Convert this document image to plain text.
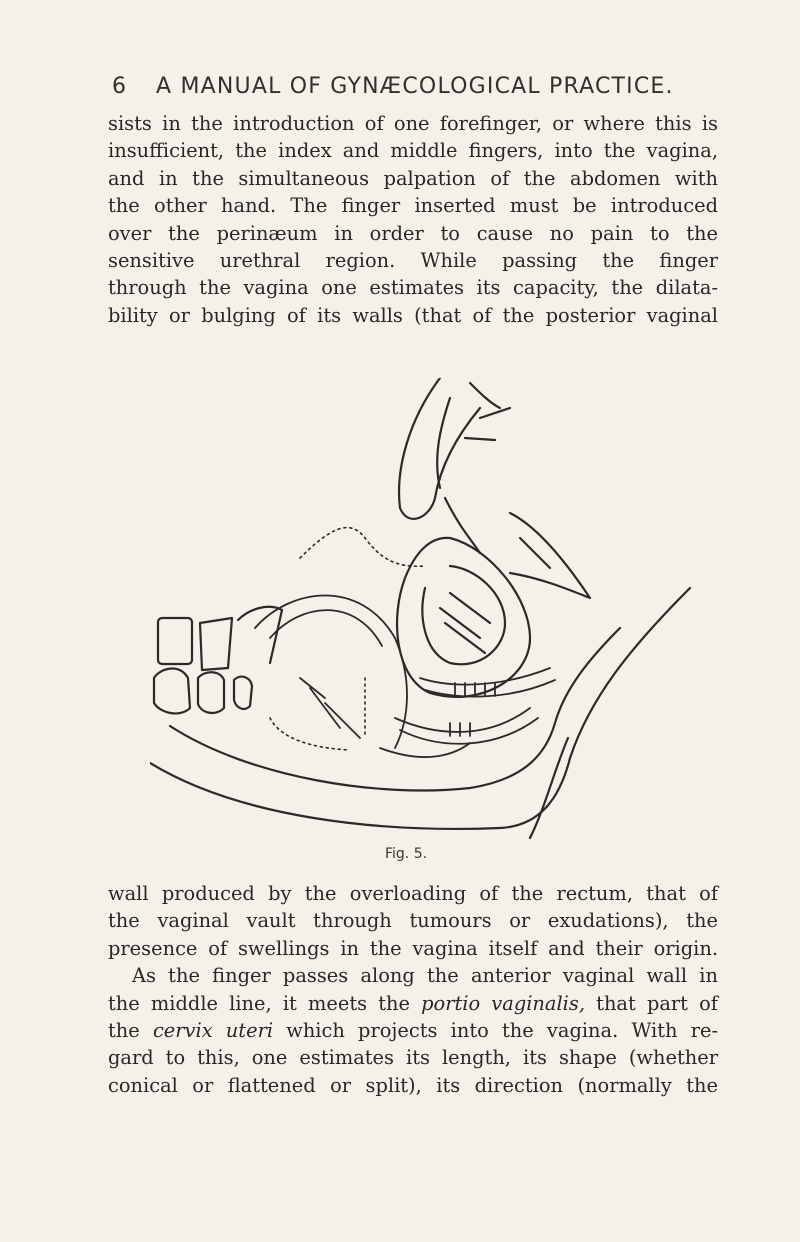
6 A MANUAL OF GYNÆCOLOGICAL PRACTICE.
sists in the introduction of one forefinger, or where this is
insufficient, the index and middle fingers, into the vagina,
and in the simultaneous palpation of the abdomen with
the other hand. The finger inserted must be introduced
over the perinæum in order to cause no pain to the
sensitive urethral region. While passing the finger
through the vagina one estimates its capacity, the dilata-
bility or bulging of its walls (that of the posterior vaginal
Fig. 5.
wall produced by the overloading of the rectum, that of
the vaginal vault through tumours or exudations), the
presence of swellings in the vagina itself and their origin.
As the finger passes along the anterior vaginal wall in
the middle line, it meets the portio vaginalis, that part of
the cervix uteri which projects into the vagina. With re-
gard to this, one estimates its length, its shape (whether
conical or flattened or split), its direction (normally the
